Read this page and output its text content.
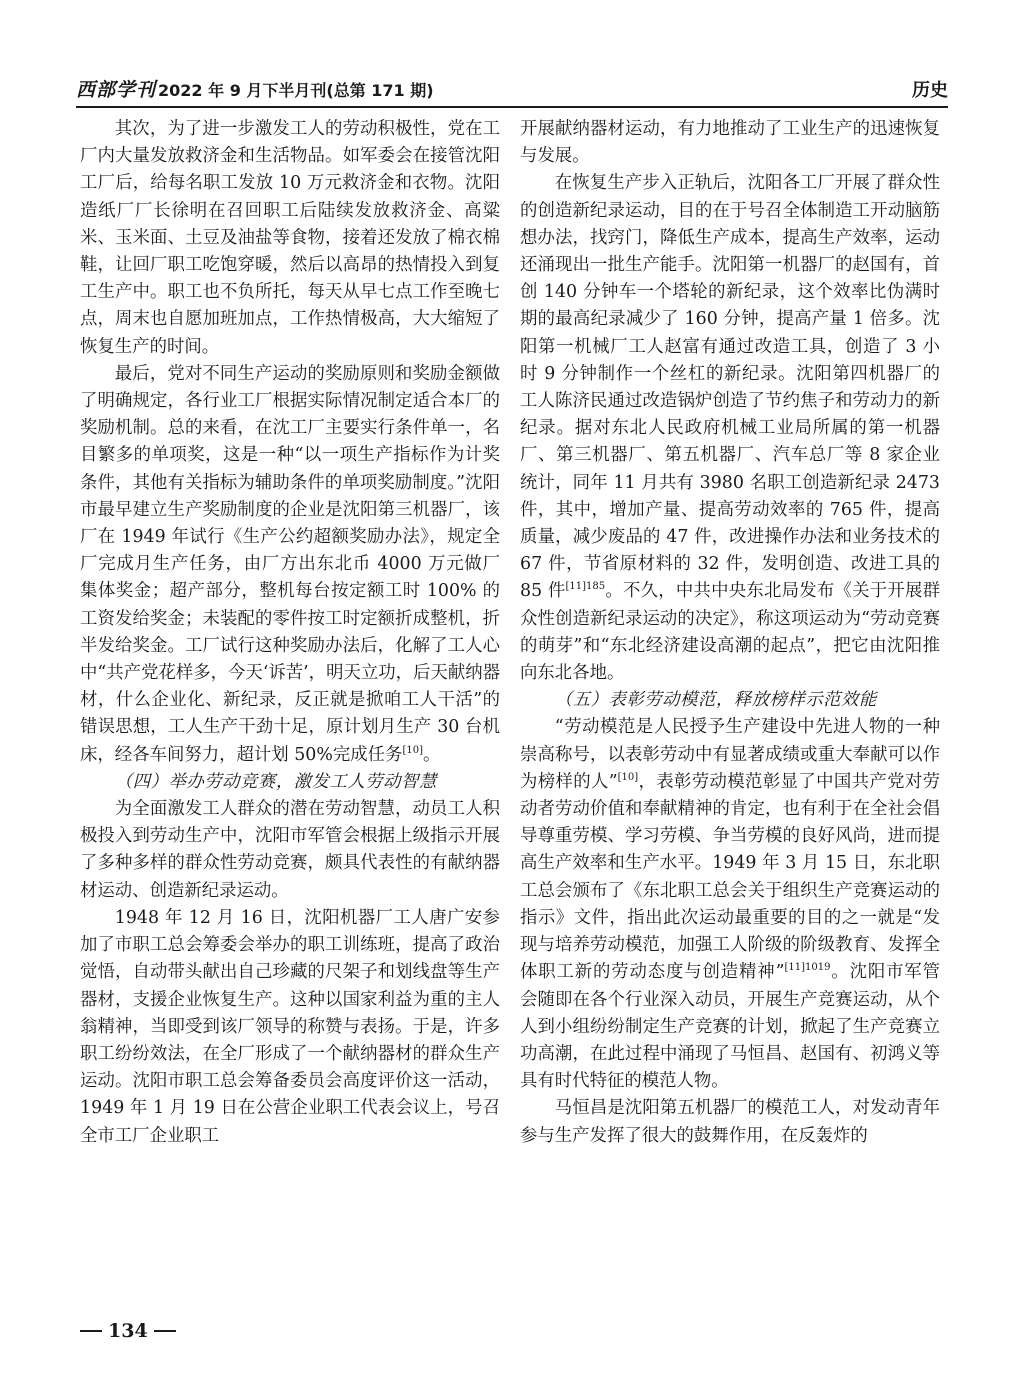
西部学刊 2022 年 9 月下半月刊(总第 171 期)	历史

其次，为了进一步激发工人的劳动积极性，党在工厂内大量发放救济金和生活物品。如军委会在接管沈阳工厂后，给每名职工发放 10 万元救济金和衣物。沈阳造纸厂厂长徐明在召回职工后陆续发放救济金、高粱米、玉米面、土豆及油盐等食物，接着还发放了棉衣棉鞋，让回厂职工吃饱穿暖，然后以高昂的热情投入到复工生产中。职工也不负所托，每天从早七点工作至晚七点，周末也自愿加班加点，工作热情极高，大大缩短了恢复生产的时间。

最后，党对不同生产运动的奖励原则和奖励金额做了明确规定，各行业工厂根据实际情况制定适合本厂的奖励机制。总的来看，在沈工厂主要实行条件单一，名目繁多的单项奖，这是一种“以一项生产指标作为计奖条件，其他有关指标为辅助条件的单项奖励制度。”沈阳市最早建立生产奖励制度的企业是沈阳第三机器厂，该厂在 1949 年试行《生产公约超额奖励办法》，规定全厂完成月生产任务，由厂方出东北币 4000 万元做厂集体奖金；超产部分，整机每台按定额工时 100% 的工资发给奖金；未装配的零件按工时定额折成整机，折半发给奖金。工厂试行这种奖励办法后，化解了工人心中“共产党花样多，今天‘诉苦’，明天立功，后天献纳器材，什么企业化、新纪录，反正就是掀咱工人干活”的错误思想，工人生产干劲十足，原计划月生产 30 台机床，经各车间努力，超计划 50%完成任务[10]。

（四）举办劳动竞赛，激发工人劳动智慧

为全面激发工人群众的潜在劳动智慧，动员工人积极投入到劳动生产中，沈阳市军管会根据上级指示开展了多种多样的群众性劳动竞赛，颇具代表性的有献纳器材运动、创造新纪录运动。

1948 年 12 月 16 日，沈阳机器厂工人唐广安参加了市职工总会筹委会举办的职工训练班，提高了政治觉悟，自动带头献出自己珍藏的尺架子和划线盘等生产器材，支援企业恢复生产。这种以国家利益为重的主人翁精神，当即受到该厂领导的称赞与表扬。于是，许多职工纷纷效法，在全厂形成了一个献纳器材的群众生产运动。沈阳市职工总会筹备委员会高度评价这一活动，1949 年 1 月 19 日在公营企业职工代表会议上，号召全市工厂企业职工

开展献纳器材运动，有力地推动了工业生产的迅速恢复与发展。

在恢复生产步入正轨后，沈阳各工厂开展了群众性的创造新纪录运动，目的在于号召全体制造工开动脑筋想办法，找窍门，降低生产成本，提高生产效率，运动还涌现出一批生产能手。沈阳第一机器厂的赵国有，首创 140 分钟车一个塔轮的新纪录，这个效率比伪满时期的最高纪录减少了 160 分钟，提高产量 1 倍多。沈阳第一机械厂工人赵富有通过改造工具，创造了 3 小时 9 分钟制作一个丝杠的新纪录。沈阳第四机器厂的工人陈济民通过改造锅炉创造了节约焦子和劳动力的新纪录。据对东北人民政府机械工业局所属的第一机器厂、第三机器厂、第五机器厂、汽车总厂等 8 家企业统计，同年 11 月共有 3980 名职工创造新纪录 2473 件，其中，增加产量、提高劳动效率的 765 件，提高质量，减少废品的 47 件，改进操作办法和业务技术的 67 件，节省原材料的 32 件，发明创造、改进工具的 85 件$^{[11]185}$。不久，中共中央东北局发布《关于开展群众性创造新纪录运动的决定》，称这项运动为“劳动竞赛的萌芽”和“东北经济建设高潮的起点”，把它由沈阳推向东北各地。

（五）表彰劳动模范，释放榜样示范效能

“劳动模范是人民授予生产建设中先进人物的一种崇高称号，以表彰劳动中有显著成绩或重大奉献可以作为榜样的人”[10]，表彰劳动模范彰显了中国共产党对劳动者劳动价值和奉献精神的肯定，也有利于在全社会倡导尊重劳模、学习劳模、争当劳模的良好风尚，进而提高生产效率和生产水平。1949 年 3 月 15 日，东北职工总会颁布了《东北职工总会关于组织生产竞赛运动的指示》文件，指出此次运动最重要的目的之一就是“发现与培养劳动模范，加强工人阶级的阶级教育、发挥全体职工新的劳动态度与创造精神”$^{[11]1019}$。沈阳市军管会随即在各个行业深入动员，开展生产竞赛运动，从个人到小组纷纷制定生产竞赛的计划，掀起了生产竞赛立功高潮，在此过程中涌现了马恒昌、赵国有、初鸿义等具有时代特征的模范人物。

马恒昌是沈阳第五机器厂的模范工人，对发动青年参与生产发挥了很大的鼓舞作用，在反轰炸的

134
